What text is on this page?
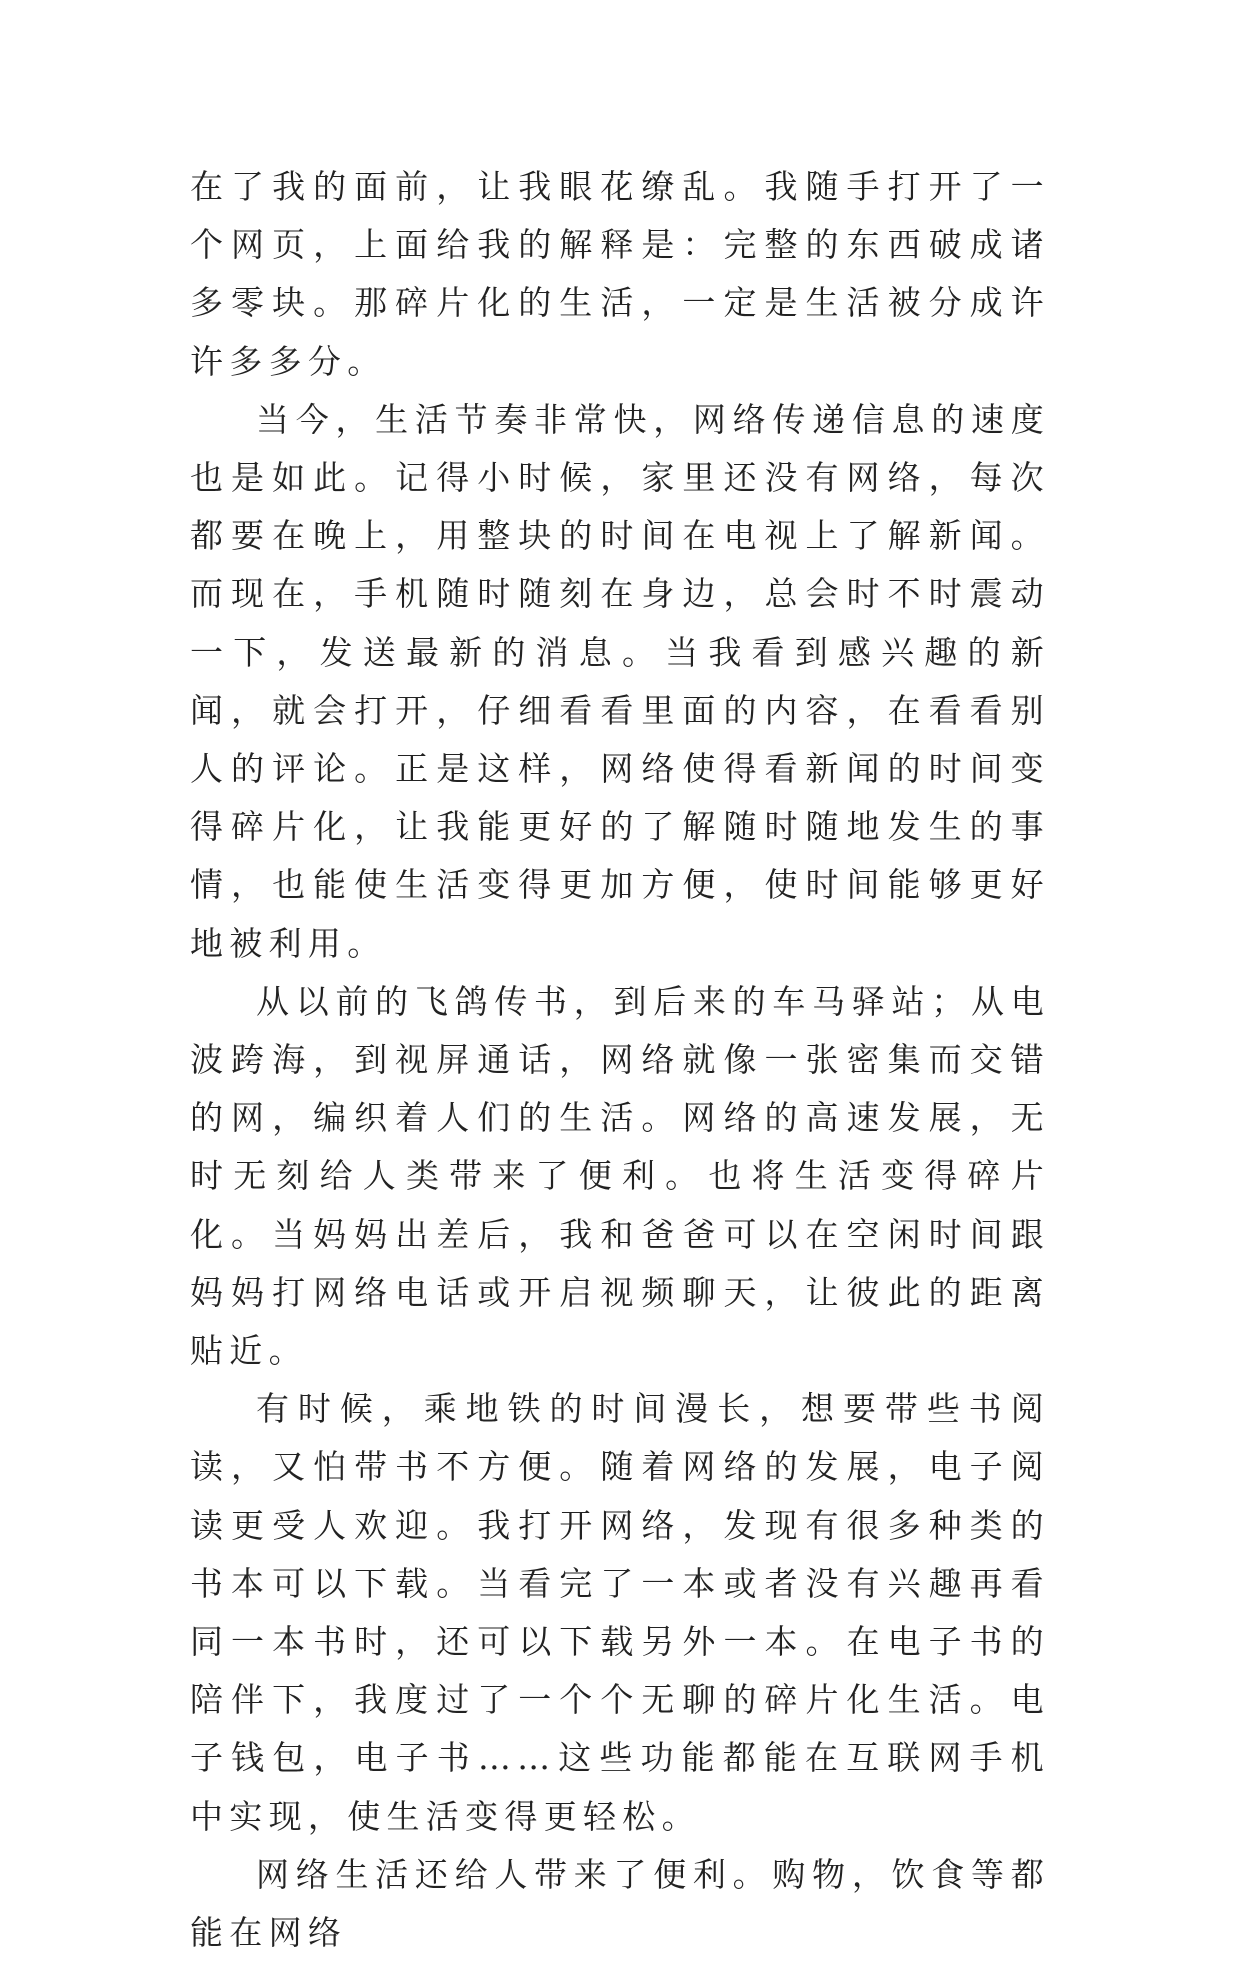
在了我的面前，让我眼花缭乱。我随手打开了一个网页，上面给我的解释是：完整的东西破成诸多零块。那碎片化的生活，一定是生活被分成许许多多分。

当今，生活节奏非常快，网络传递信息的速度也是如此。记得小时候，家里还没有网络，每次都要在晚上，用整块的时间在电视上了解新闻。而现在，手机随时随刻在身边，总会时不时震动一下，发送最新的消息。当我看到感兴趣的新闻，就会打开，仔细看看里面的内容，在看看别人的评论。正是这样，网络使得看新闻的时间变得碎片化，让我能更好的了解随时随地发生的事情，也能使生活变得更加方便，使时间能够更好地被利用。

从以前的飞鸽传书，到后来的车马驿站；从电波跨海，到视屏通话，网络就像一张密集而交错的网，编织着人们的生活。网络的高速发展，无时无刻给人类带来了便利。也将生活变得碎片化。当妈妈出差后，我和爸爸可以在空闲时间跟妈妈打网络电话或开启视频聊天，让彼此的距离贴近。

有时候，乘地铁的时间漫长，想要带些书阅读，又怕带书不方便。随着网络的发展，电子阅读更受人欢迎。我打开网络，发现有很多种类的书本可以下载。当看完了一本或者没有兴趣再看同一本书时，还可以下载另外一本。在电子书的陪伴下，我度过了一个个无聊的碎片化生活。电子钱包，电子书……这些功能都能在互联网手机中实现，使生活变得更轻松。

网络生活还给人带来了便利。购物，饮食等都能在网络
